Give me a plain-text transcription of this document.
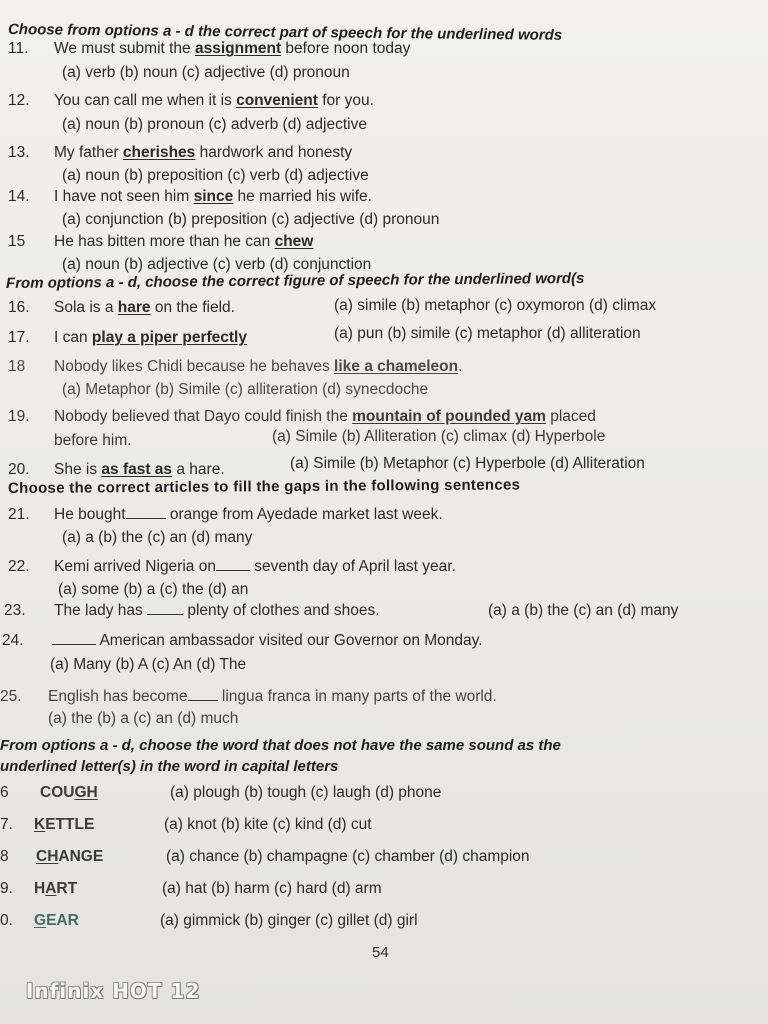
Choose from options a - d the correct part of speech for the underlined words
11. We must submit the assignment before noon today
(a) verb (b) noun (c) adjective (d) pronoun
12. You can call me when it is convenient for you.
(a) noun (b) pronoun (c) adverb (d) adjective
13. My father cherishes hardwork and honesty
(a) noun (b) preposition (c) verb (d) adjective
14. I have not seen him since he married his wife.
(a) conjunction (b) preposition (c) adjective (d) pronoun
15 He has bitten more than he can chew
(a) noun (b) adjective (c) verb (d) conjunction
From options a - d, choose the correct figure of speech for the underlined word(s
16. Sola is a hare on the field.	(a) simile (b) metaphor (c) oxymoron (d) climax
17. I can play a piper perfectly	(a) pun (b) simile (c) metaphor (d) alliteration
18 Nobody likes Chidi because he behaves like a chameleon.
(a) Metaphor (b) Simile (c) alliteration (d) synecdoche
19. Nobody believed that Dayo could finish the mountain of pounded yam placed
before him.	(a) Simile (b) Alliteration (c) climax (d) Hyperbole
20. She is as fast as a hare.	(a) Simile (b) Metaphor (c) Hyperbole (d) Alliteration
Choose the correct articles to fill the gaps in the following sentences
21. He bought	orange from Ayedade market last week.
(a) a (b) the (c) an (d) many
22. Kemi arrived Nigeria on seventh day of April last year.
(a) some (b) a (c) the (d) an
23. The lady has  plenty of clothes and shoes.	(a) a (b) the (c) an (d) many
24.	American ambassador visited our Governor on Monday.
(a) Many (b) A (c) An (d) The
25. English has become lingua franca in many parts of the world.
(a) the (b) a (c) an (d) much
From options a - d, choose the word that does not have the same sound as the
underlined letter(s) in the word in capital letters
6 COUGH	(a) plough (b) tough (c) laugh (d) phone
7. KETTLE	(a) knot (b) kite (c) kind (d) cut
8 CHANGE	(a) chance (b) champagne (c) chamber (d) champion
9. HART	(a) hat (b) harm (c) hard (d) arm
0. GEAR	(a) gimmick (b) ginger (c) gillet (d) girl
54
Infinix HOT 12
